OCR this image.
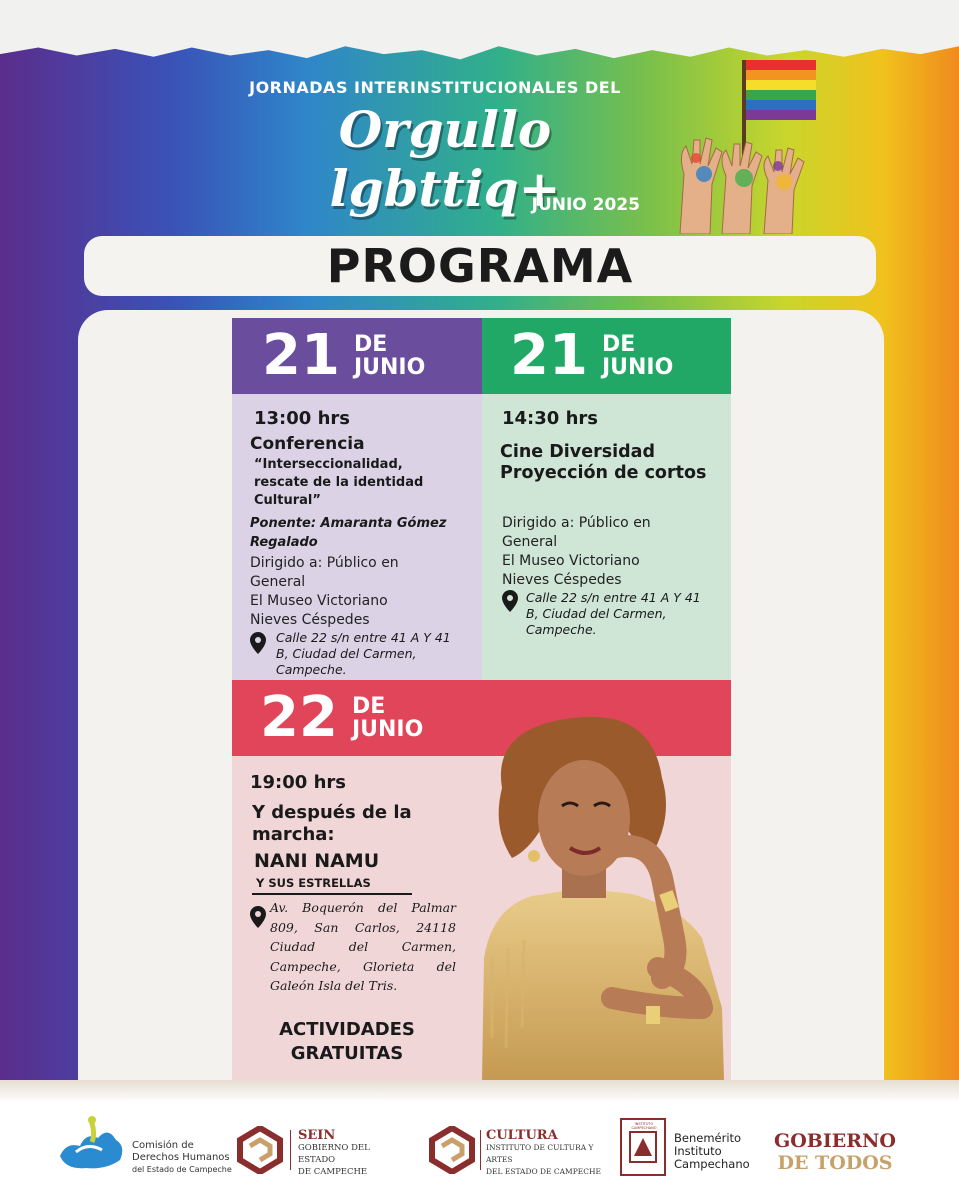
JORNADAS INTERINSTITUCIONALES DEL
Orgullo lgbttiq+
JUNIO 2025
PROGRAMA
21 DE
JUNIO
13:00 hrs
Conferencia
“Interseccionalidad, rescate de la identidad Cultural”
Ponente: Amaranta Gómez Regalado
Dirigido a: Público en General
El Museo Victoriano Nieves Céspedes
Calle 22 s/n entre 41 A Y 41 B, Ciudad del Carmen, Campeche.
21 DE
JUNIO
14:30 hrs
Cine Diversidad Proyección de cortos
Dirigido a: Público en General
El Museo Victoriano Nieves Céspedes
Calle 22 s/n entre 41 A Y 41 B, Ciudad del Carmen, Campeche.
22 DE
JUNIO
19:00 hrs
Y después de la marcha:
NANI NAMU
Y SUS ESTRELLAS
Av. Boquerón del Palmar 809, San Carlos, 24118 Ciudad del Carmen, Campeche, Glorieta del Galeón Isla del Tris.
ACTIVIDADES GRATUITAS
Comisión de
Derechos Humanos
del Estado de Campeche
SEIN
GOBIERNO DEL ESTADO
DE CAMPECHE
CULTURA
INSTITUTO DE CULTURA Y ARTES
DEL ESTADO DE CAMPECHE
INSTITUTO CAMPECHANO
Benemérito
Instituto
Campechano
GOBIERNO
DE TODOS
